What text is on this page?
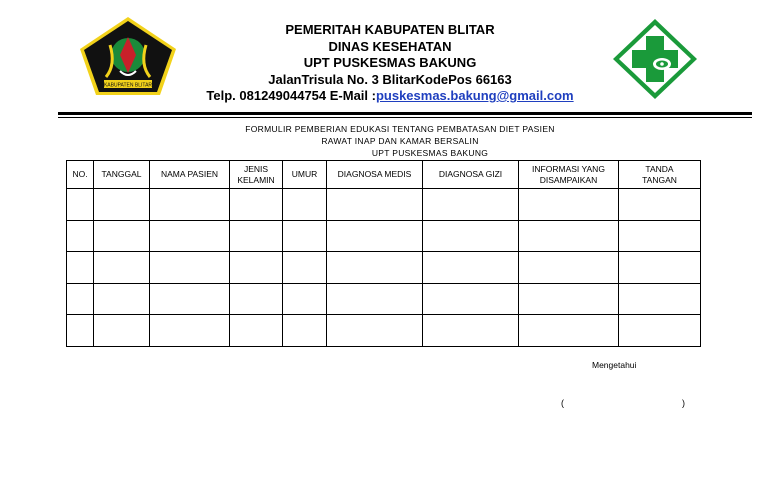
KABUPATEN BLITAR
PEMERITAH KABUPATEN BLITAR
DINAS KESEHATAN
UPT PUSKESMAS BAKUNG
JalanTrisula No. 3 BlitarKodePos 66163
Telp. 081249044754 E-Mail :puskesmas.bakung@gmail.com
FORMULIR PEMBERIAN EDUKASI TENTANG PEMBATASAN DIET PASIEN
RAWAT INAP DAN KAMAR BERSALIN
UPT PUSKESMAS BAKUNG
NO.	TANGGAL	NAMA PASIEN	JENIS KELAMIN	UMUR	DIAGNOSA MEDIS	DIAGNOSA GIZI	INFORMASI YANG DISAMPAIKAN	TANDA TANGAN

Mengetahui
(	)
